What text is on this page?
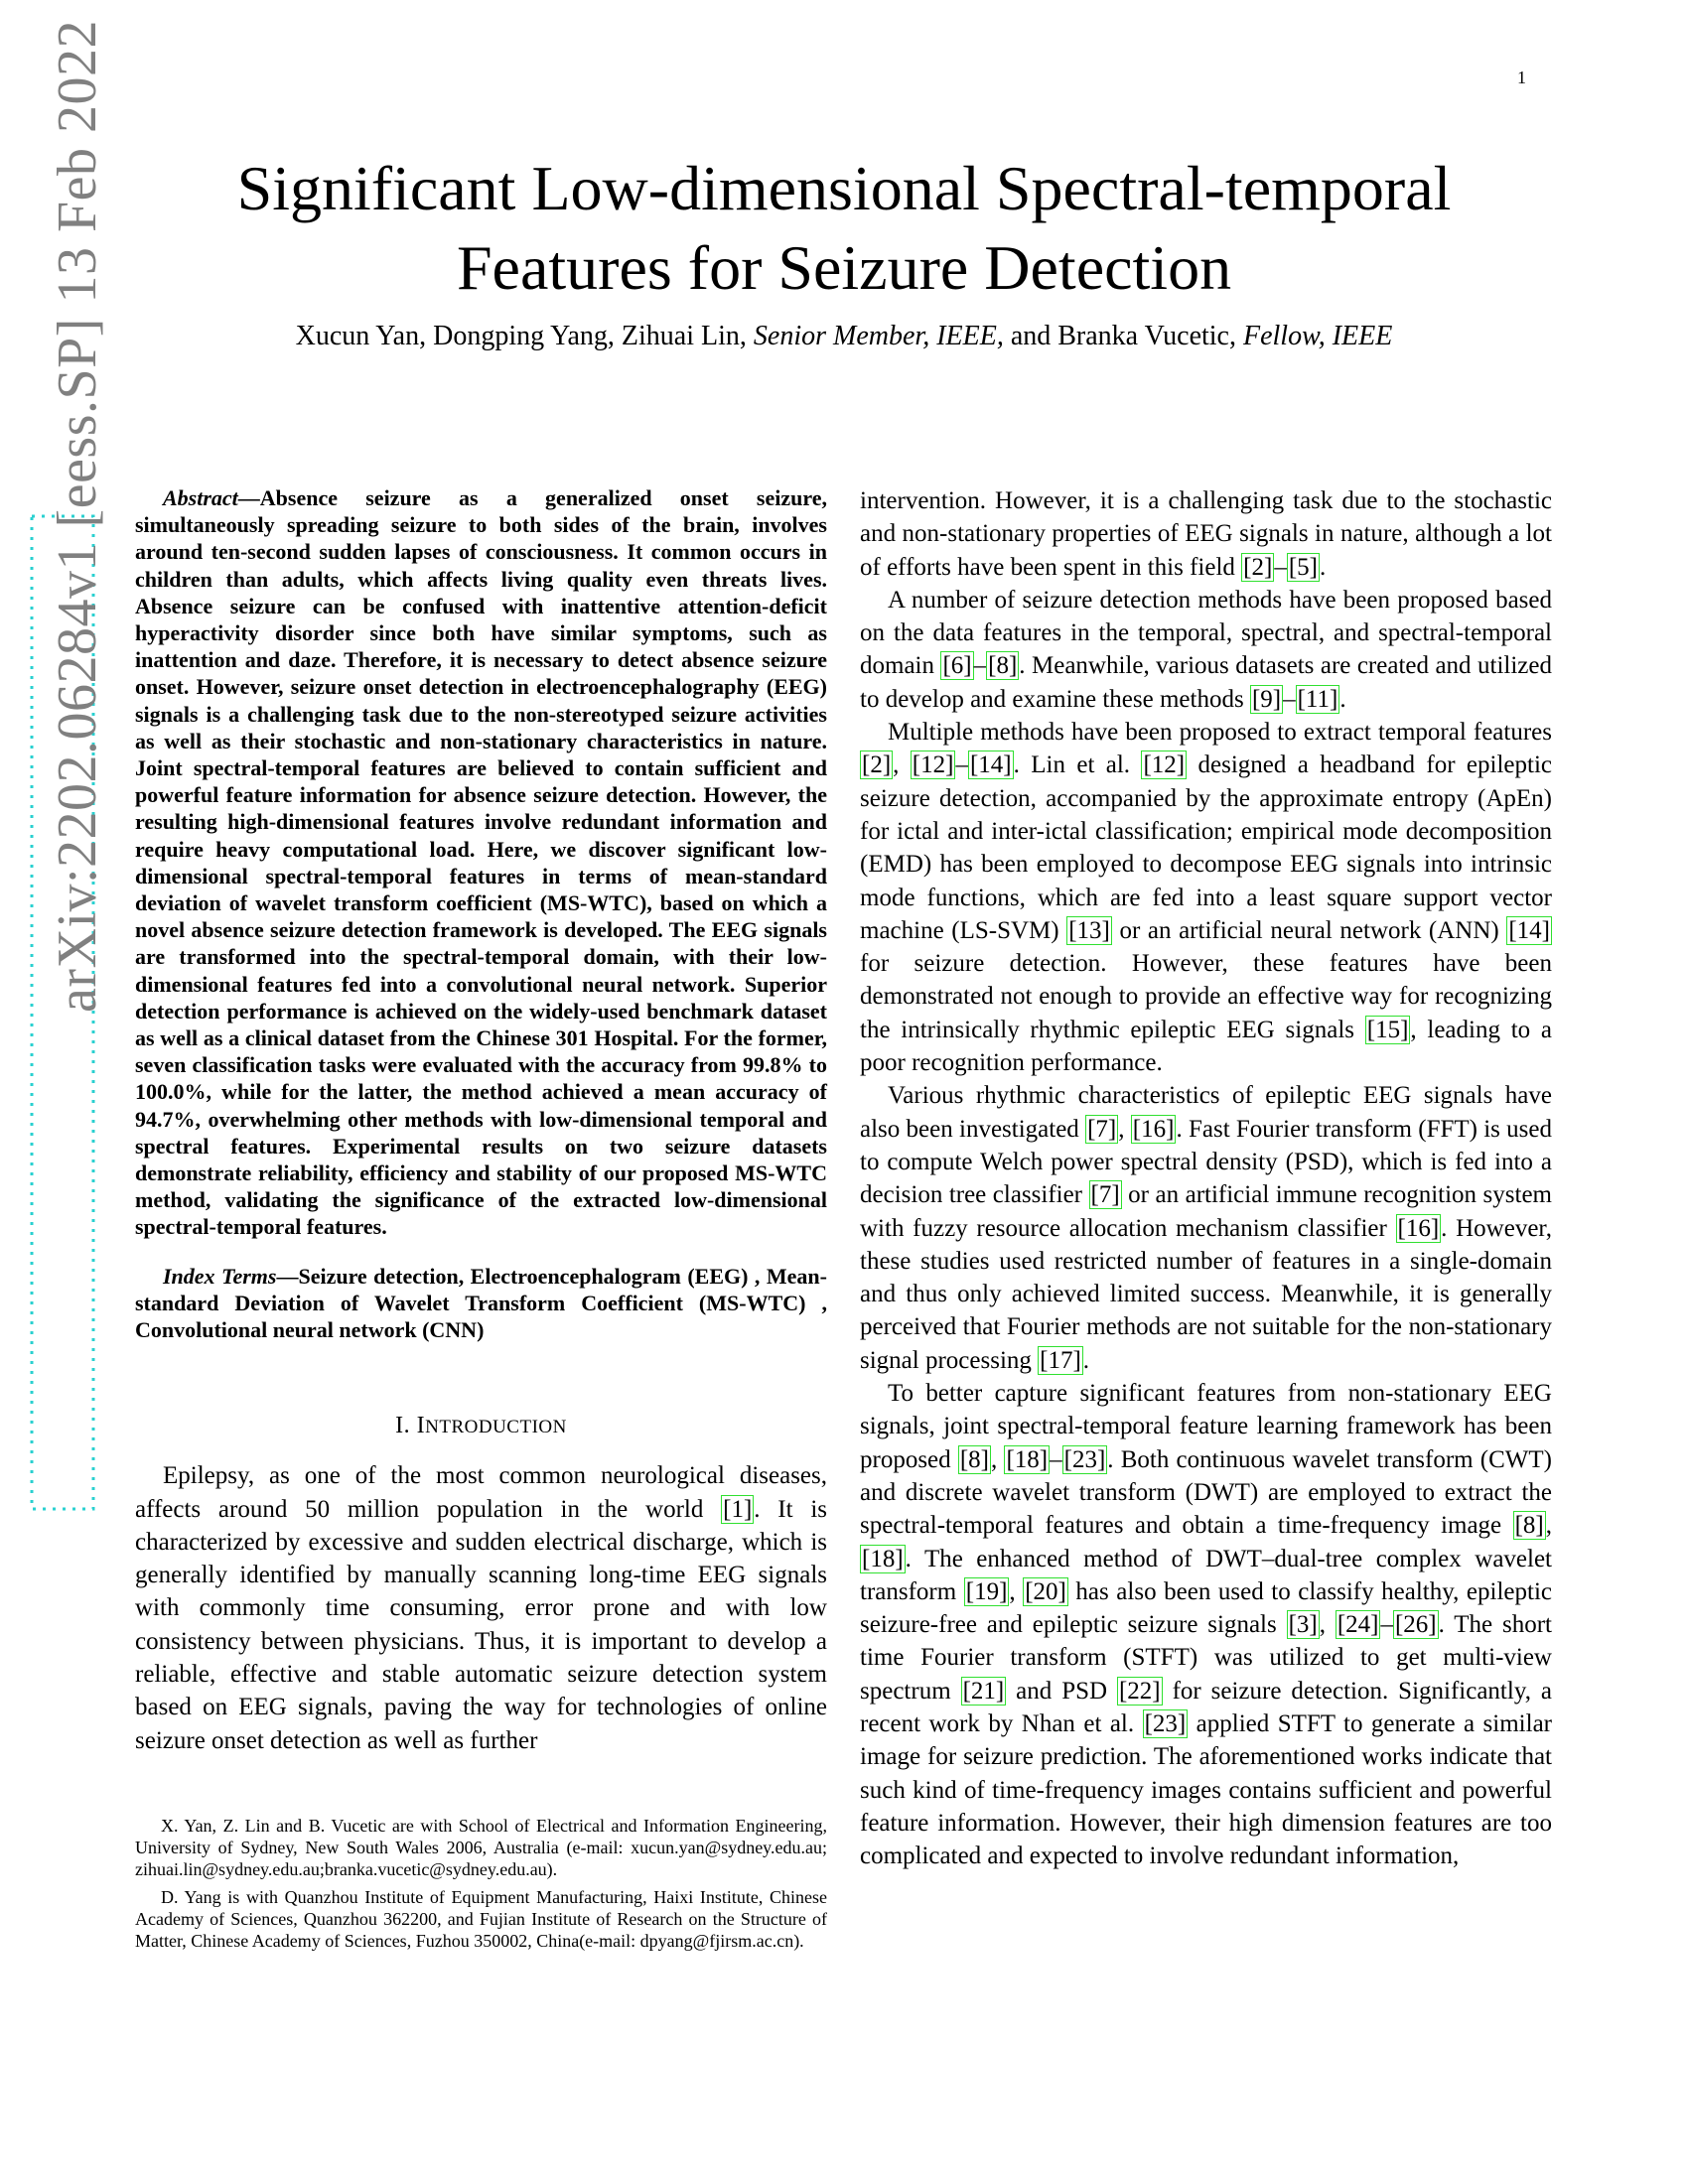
1
Significant Low-dimensional Spectral-temporal Features for Seizure Detection
Xucun Yan, Dongping Yang, Zihuai Lin, Senior Member, IEEE, and Branka Vucetic, Fellow, IEEE
arXiv:2202.06284v1 [eess.SP] 13 Feb 2022	Abstract—Absence seizure as a generalized onset seizure, simultaneously spreading seizure to both sides of the brain, involves around ten-second sudden lapses of consciousness. It common occurs in children than adults, which affects living quality even threats lives. Absence seizure can be confused with inattentive attention-deficit hyperactivity disorder since both have similar symptoms, such as inattention and daze. Therefore, it is necessary to detect absence seizure onset. However, seizure onset detection in electroencephalography (EEG) signals is a challenging task due to the non-stereotyped seizure activities as well as their stochastic and non-stationary characteristics in nature. Joint spectral-temporal features are believed to contain sufficient and powerful feature information for absence seizure detection. However, the resulting high-dimensional features involve redundant information and require heavy computational load. Here, we discover significant low-dimensional spectral-temporal features in terms of mean-standard deviation of wavelet transform coefficient (MS-WTC), based on which a novel absence seizure detection framework is developed. The EEG signals are transformed into the spectral-temporal domain, with their low-dimensional features fed into a convolutional neural network. Superior detection performance is achieved on the widely-used benchmark dataset as well as a clinical dataset from the Chinese 301 Hospital. For the former, seven classification tasks were evaluated with the accuracy from 99.8% to 100.0%, while for the latter, the method achieved a mean accuracy of 94.7%, overwhelming other methods with low-dimensional temporal and spectral features. Experimental results on two seizure datasets demonstrate reliability, efficiency and stability of our proposed MS-WTC method, validating the significance of the extracted low-dimensional spectral-temporal features.

Index Terms—Seizure detection, Electroencephalogram (EEG) , Mean-standard Deviation of Wavelet Transform Coefficient (MS-WTC) , Convolutional neural network (CNN)

I. INTRODUCTION

Epilepsy, as one of the most common neurological diseases, affects around 50 million population in the world [1]. It is characterized by excessive and sudden electrical discharge, which is generally identified by manually scanning long-time EEG signals with commonly time consuming, error prone and with low consistency between physicians. Thus, it is important to develop a reliable, effective and stable automatic seizure detection system based on EEG signals, paving the way for technologies of online seizure onset detection as well as further

X. Yan, Z. Lin and B. Vucetic are with School of Electrical and Information Engineering, University of Sydney, New South Wales 2006, Australia (e-mail: xucun.yan@sydney.edu.au; zihuai.lin@sydney.edu.au;branka.vucetic@sydney.edu.au).

D. Yang is with Quanzhou Institute of Equipment Manufacturing, Haixi Institute, Chinese Academy of Sciences, Quanzhou 362200, and Fujian Institute of Research on the Structure of Matter, Chinese Academy of Sciences, Fuzhou 350002, China(e-mail: dpyang@fjirsm.ac.cn).

intervention. However, it is a challenging task due to the stochastic and non-stationary properties of EEG signals in nature, although a lot of efforts have been spent in this field [2]–[5].

A number of seizure detection methods have been proposed based on the data features in the temporal, spectral, and spectral-temporal domain [6]–[8]. Meanwhile, various datasets are created and utilized to develop and examine these methods [9]–[11].

Multiple methods have been proposed to extract temporal features [2], [12]–[14]. Lin et al. [12] designed a headband for epileptic seizure detection, accompanied by the approximate entropy (ApEn) for ictal and inter-ictal classification; empirical mode decomposition (EMD) has been employed to decompose EEG signals into intrinsic mode functions, which are fed into a least square support vector machine (LS-SVM) [13] or an artificial neural network (ANN) [14] for seizure detection. However, these features have been demonstrated not enough to provide an effective way for recognizing the intrinsically rhythmic epileptic EEG signals [15], leading to a poor recognition performance.

Various rhythmic characteristics of epileptic EEG signals have also been investigated [7], [16]. Fast Fourier transform (FFT) is used to compute Welch power spectral density (PSD), which is fed into a decision tree classifier [7] or an artificial immune recognition system with fuzzy resource allocation mechanism classifier [16]. However, these studies used restricted number of features in a single-domain and thus only achieved limited success. Meanwhile, it is generally perceived that Fourier methods are not suitable for the non-stationary signal processing [17].

To better capture significant features from non-stationary EEG signals, joint spectral-temporal feature learning framework has been proposed [8], [18]–[23]. Both continuous wavelet transform (CWT) and discrete wavelet transform (DWT) are employed to extract the spectral-temporal features and obtain a time-frequency image [8], [18]. The enhanced method of DWT–dual-tree complex wavelet transform [19], [20] has also been used to classify healthy, epileptic seizure-free and epileptic seizure signals [3], [24]–[26]. The short time Fourier transform (STFT) was utilized to get multi-view spectrum [21] and PSD [22] for seizure detection. Significantly, a recent work by Nhan et al. [23] applied STFT to generate a similar image for seizure prediction. The aforementioned works indicate that such kind of time-frequency images contains sufficient and powerful feature information. However, their high dimension features are too complicated and expected to involve redundant information,
